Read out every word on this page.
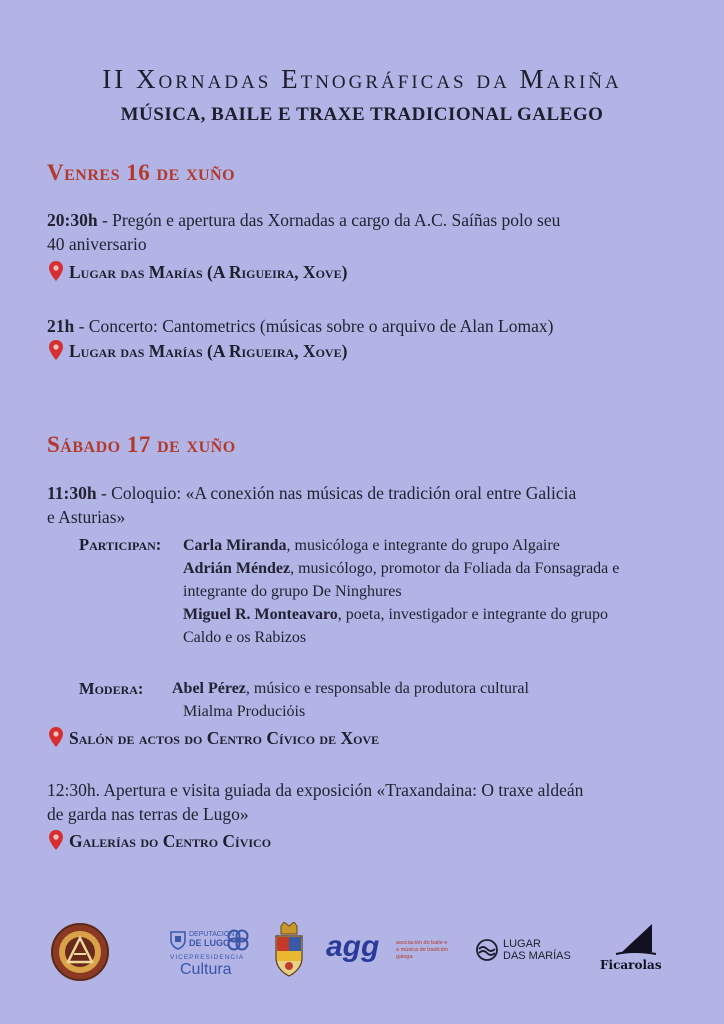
II Xornadas Etnográficas da Mariña
MÚSICA, BAILE E TRAXE TRADICIONAL GALEGO
Venres 16 de xuño
20:30h - Pregón e apertura das Xornadas a cargo da A.C. Saíñas polo seu
40 aniversario
Lugar das Marías (A Rigueira, Xove)
21h - Concerto: Cantometrics (músicas sobre o arquivo de Alan Lomax)
Lugar das Marías (A Rigueira, Xove)
Sábado 17 de xuño
11:30h - Coloquio: «A conexión nas músicas de tradición oral entre Galicia
e Asturias»
Participan: Carla Miranda, musicóloga e integrante do grupo Algaire
Adrián Méndez, musicólogo, promotor da Foliada da Fonsagrada e
integrante do grupo De Ninghures
Miguel R. Monteavaro, poeta, investigador e integrante do grupo
Caldo e os Rabizos
Modera: Abel Pérez, músico e responsable da produtora cultural
Mialma Produciόis
Salón de actos do Centro Cívico de Xove
12:30h. Apertura e visita guiada da exposición «Traxandaina: O traxe aldeán
de garda nas terras de Lugo»
Galerías do Centro Cívico
DEPUTACIÓN
DE LUGO
VICEPRESIDENCIA
Cultura
agg	asociación do baile e
a música de tradición
galega
LUGAR
DAS MARÍAS
Ficarolas
